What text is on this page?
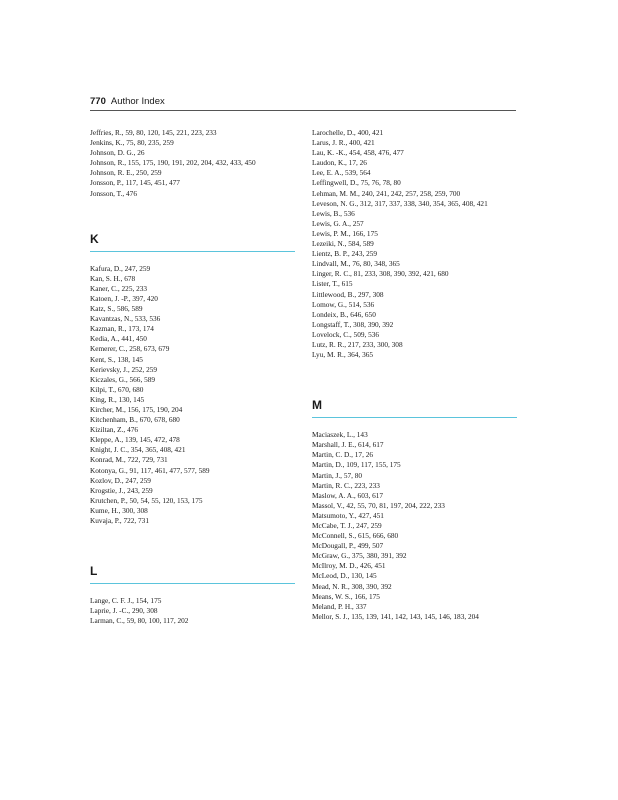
770 Author Index
Jeffries, R., 59, 80, 120, 145, 221, 223, 233
Jenkins, K., 75, 80, 235, 259
Johnson, D. G., 26
Johnson, R., 155, 175, 190, 191, 202, 204, 432, 433, 450
Johnson, R. E., 250, 259
Jonsson, P., 117, 145, 451, 477
Jonsson, T., 476
K
Kafura, D., 247, 259
Kan, S. H., 678
Kaner, C., 225, 233
Katoen, J. -P., 397, 420
Katz, S., 586, 589
Kavantzas, N., 533, 536
Kazman, R., 173, 174
Kedia, A., 441, 450
Kemerer, C., 258, 673, 679
Kent, S., 138, 145
Kerievsky, J., 252, 259
Kiczales, G., 566, 589
Kilpi, T., 670, 680
King, R., 130, 145
Kircher, M., 156, 175, 190, 204
Kitchenham, B., 670, 678, 680
Kiziltan, Z., 476
Kleppe, A., 139, 145, 472, 478
Knight, J. C., 354, 365, 408, 421
Konrad, M., 722, 729, 731
Kotonya, G., 91, 117, 461, 477, 577, 589
Kozlov, D., 247, 259
Krogstie, J., 243, 259
Krutchen, P., 50, 54, 55, 120, 153, 175
Kume, H., 300, 308
Kuvaja, P., 722, 731
L
Lange, C. F. J., 154, 175
Laprie, J. -C., 290, 308
Larman, C., 59, 80, 100, 117, 202
Larochelle, D., 400, 421
Larus, J. R., 400, 421
Lau, K. -K., 454, 458, 476, 477
Laudon, K., 17, 26
Lee, E. A., 539, 564
Leffingwell, D., 75, 76, 78, 80
Lehman, M. M., 240, 241, 242, 257, 258, 259, 700
Leveson, N. G., 312, 317, 337, 338, 340, 354, 365, 408, 421
Lewis, B., 536
Lewis, G. A., 257
Lewis, P. M., 166, 175
Lezeiki, N., 584, 589
Lientz, B. P., 243, 259
Lindvall, M., 76, 80, 348, 365
Linger, R. C., 81, 233, 308, 390, 392, 421, 680
Lister, T., 615
Littlewood, B., 297, 308
Lomow, G., 514, 536
Londeix, B., 646, 650
Longstaff, T., 308, 390, 392
Lovelock, C., 509, 536
Lutz, R. R., 217, 233, 300, 308
Lyu, M. R., 364, 365
M
Maciaszek, L., 143
Marshall, J. E., 614, 617
Martin, C. D., 17, 26
Martin, D., 109, 117, 155, 175
Martin, J., 57, 80
Martin, R. C., 223, 233
Maslow, A. A., 603, 617
Massol, V., 42, 55, 70, 81, 197, 204, 222, 233
Matsumoto, Y., 427, 451
McCabe, T. J., 247, 259
McConnell, S., 615, 666, 680
McDougall, P., 499, 507
McGraw, G., 375, 380, 391, 392
McIlroy, M. D., 426, 451
McLeod, D., 130, 145
Mead, N. R., 308, 390, 392
Means, W. S., 166, 175
Meland, P. H., 337
Mellor, S. J., 135, 139, 141, 142, 143, 145, 146, 183, 204
